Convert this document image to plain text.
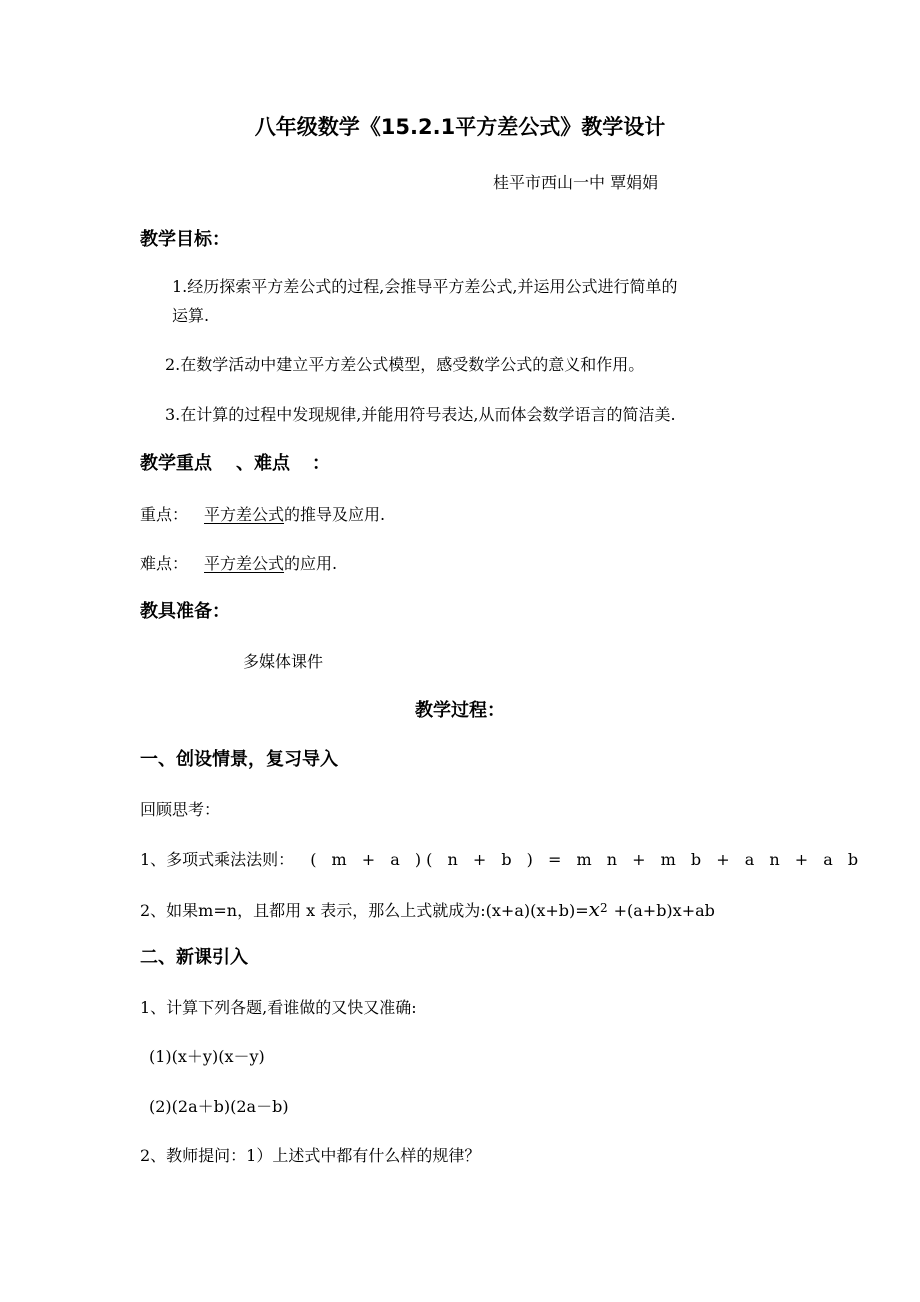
八年级数学《15.2.1平方差公式》教学设计
桂平市西山一中 覃娟娟
教学目标：
1.经历探索平方差公式的过程,会推导平方差公式,并运用公式进行简单的
运算.
2.在数学活动中建立平方差公式模型，感受数学公式的意义和作用。
3.在计算的过程中发现规律,并能用符号表达,从而体会数学语言的简洁美.
教学重点 、难点 ：
重点： 平方差公式的推导及应用.
难点： 平方差公式的应用.
教具准备：
多媒体课件
教学过程：
一、创设情景，复习导入
回顾思考：
1、多项式乘法法则： ( m + a )( n + b ) = m n + m b + a n + a b
2、如果m=n，且都用 x 表示，那么上式就成为$:(x+a)(x+b)=x^2 +(a+b)x+ab$
二、新课引入
1、计算下列各题,看谁做的又快又准确:
(1)(x＋y)(x－y)
(2)(2a＋b)(2a－b)
2、教师提问：1）上述式中都有什么样的规律？
